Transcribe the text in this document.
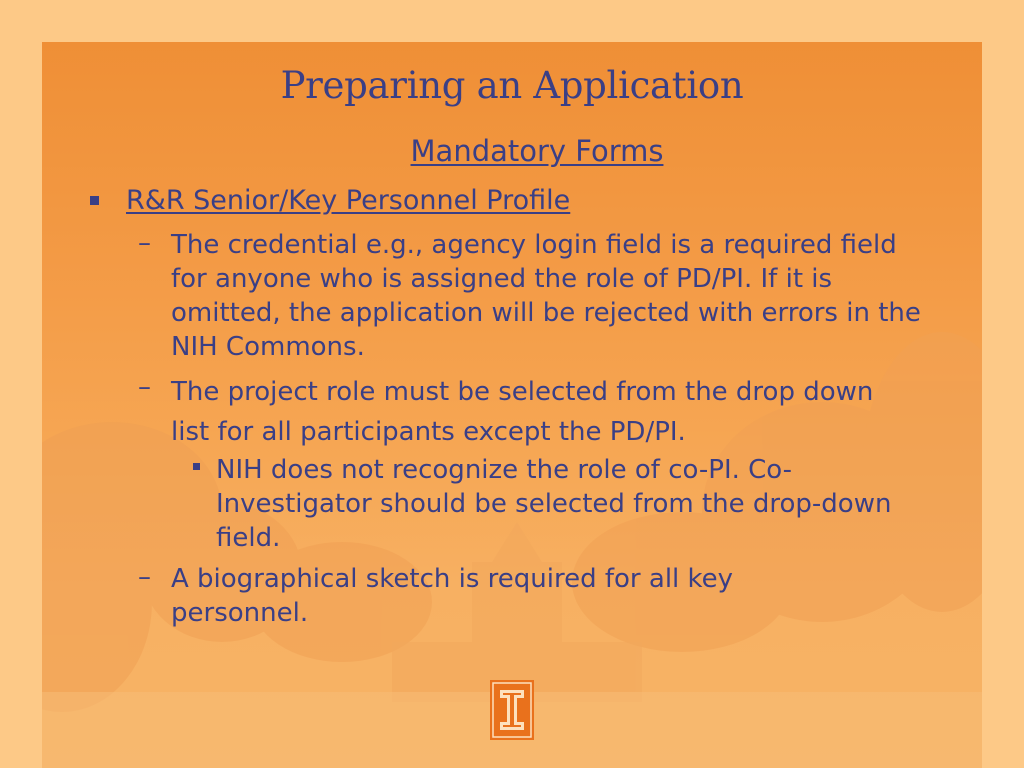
Preparing an Application
Mandatory Forms
R&R Senior/Key Personnel Profile
– The credential e.g., agency login field is a required field for anyone who is assigned the role of PD/PI. If it is omitted, the application will be rejected with errors in the NIH Commons.
– The project role must be selected from the drop down list for all participants except the PD/PI.
NIH does not recognize the role of co-PI. Co-Investigator should be selected from the drop-down field.
– A biographical sketch is required for all key personnel.
